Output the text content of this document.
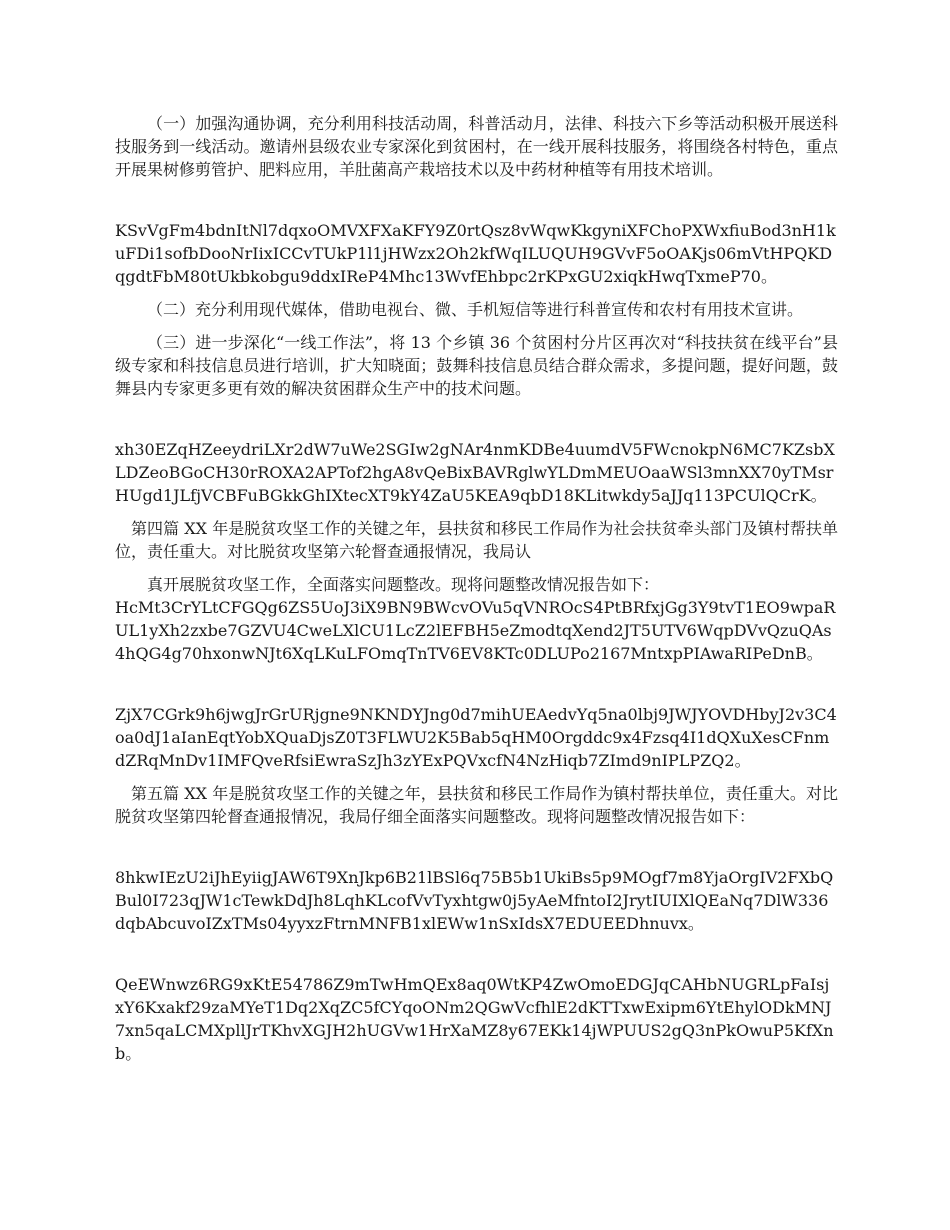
（一）加强沟通协调，充分利用科技活动周，科普活动月，法律、科技六下乡等活动积极开展送科技服务到一线活动。邀请州县级农业专家深化到贫困村，在一线开展科技服务，将围绕各村特色，重点开展果树修剪管护、肥料应用，羊肚菌高产栽培技术以及中药材种植等有用技术培训。

KSvVgFm4bdnItNl7dqxoOMVXFXaKFY9Z0rtQsz8vWqwKkgyniXFChoPXWxfiuBod3nH1kuFDi1sofbDooNrIixICCvTUkP1l1jHWzx2Oh2kfWqILUQUH9GVvF5oOAKjs06mVtHPQKDqgdtFbM80tUkbkobgu9ddxIReP4Mhc13WvfEhbpc2rKPxGU2xiqkHwqTxmeP70。

（二）充分利用现代媒体，借助电视台、微、手机短信等进行科普宣传和农村有用技术宣讲。

（三）进一步深化“一线工作法”，将 13 个乡镇 36 个贫困村分片区再次对“科技扶贫在线平台”县级专家和科技信息员进行培训，扩大知晓面；鼓舞科技信息员结合群众需求，多提问题，提好问题，鼓舞县内专家更多更有效的解决贫困群众生产中的技术问题。

xh30EZqHZeeydriLXr2dW7uWe2SGIw2gNAr4nmKDBe4uumdV5FWcnokpN6MC7KZsbXLDZeoBGoCH30rROXA2APTof2hgA8vQeBixBAVRglwYLDmMEUOaaWSl3mnXX70yTMsrHUgd1JLfjVCBFuBGkkGhIXtecXT9kY4ZaU5KEA9qbD18KLitwkdy5aJJq113PCUlQCrK。

第四篇 XX 年是脱贫攻坚工作的关键之年，县扶贫和移民工作局作为社会扶贫牵头部门及镇村帮扶单位，责任重大。对比脱贫攻坚第六轮督查通报情况，我局认

真开展脱贫攻坚工作，全面落实问题整改。现将问题整改情况报告如下：

HcMt3CrYLtCFGQg6ZS5UoJ3iX9BN9BWcvOVu5qVNROcS4PtBRfxjGg3Y9tvT1EO9wpaRUL1yXh2zxbe7GZVU4CweLXlCU1LcZ2lEFBH5eZmodtqXend2JT5UTV6WqpDVvQzuQAs4hQG4g70hxonwNJt6XqLKuLFOmqTnTV6EV8KTc0DLUPo2167MntxpPIAwaRIPeDnB。

ZjX7CGrk9h6jwgJrGrURjgne9NKNDYJng0d7mihUEAedvYq5na0lbj9JWJYOVDHbyJ2v3C4oa0dJ1aIanEqtYobXQuaDjsZ0T3FLWU2K5Bab5qHM0Orgddc9x4Fzsq4I1dQXuXesCFnmdZRqMnDv1IMFQveRfsiEwraSzJh3zYExPQVxcfN4NzHiqb7ZImd9nIPLPZQ2。

第五篇 XX 年是脱贫攻坚工作的关键之年，县扶贫和移民工作局作为镇村帮扶单位，责任重大。对比脱贫攻坚第四轮督查通报情况，我局仔细全面落实问题整改。现将问题整改情况报告如下：

8hkwIEzU2iJhEyiigJAW6T9XnJkp6B21lBSl6q75B5b1UkiBs5p9MOgf7m8YjaOrgIV2FXbQBul0I723qJW1cTewkDdJh8LqhKLcofVvTyxhtgw0j5yAeMfntoI2JrytIUIXlQEaNq7DlW336dqbAbcuvoIZxTMs04yyxzFtrnMNFB1xlEWw1nSxIdsX7EDUEEDhnuvx。

QeEWnwz6RG9xKtE54786Z9mTwHmQEx8aq0WtKP4ZwOmoEDGJqCAHbNUGRLpFaIsjxY6Kxakf29zaMYeT1Dq2XqZC5fCYqoONm2QGwVcfhlE2dKTTxwExipm6YtEhylODkMNJ7xn5qaLCMXpllJrTKhvXGJH2hUGVw1HrXaMZ8y67EKk14jWPUUS2gQ3nPkOwuP5KfXnb。
